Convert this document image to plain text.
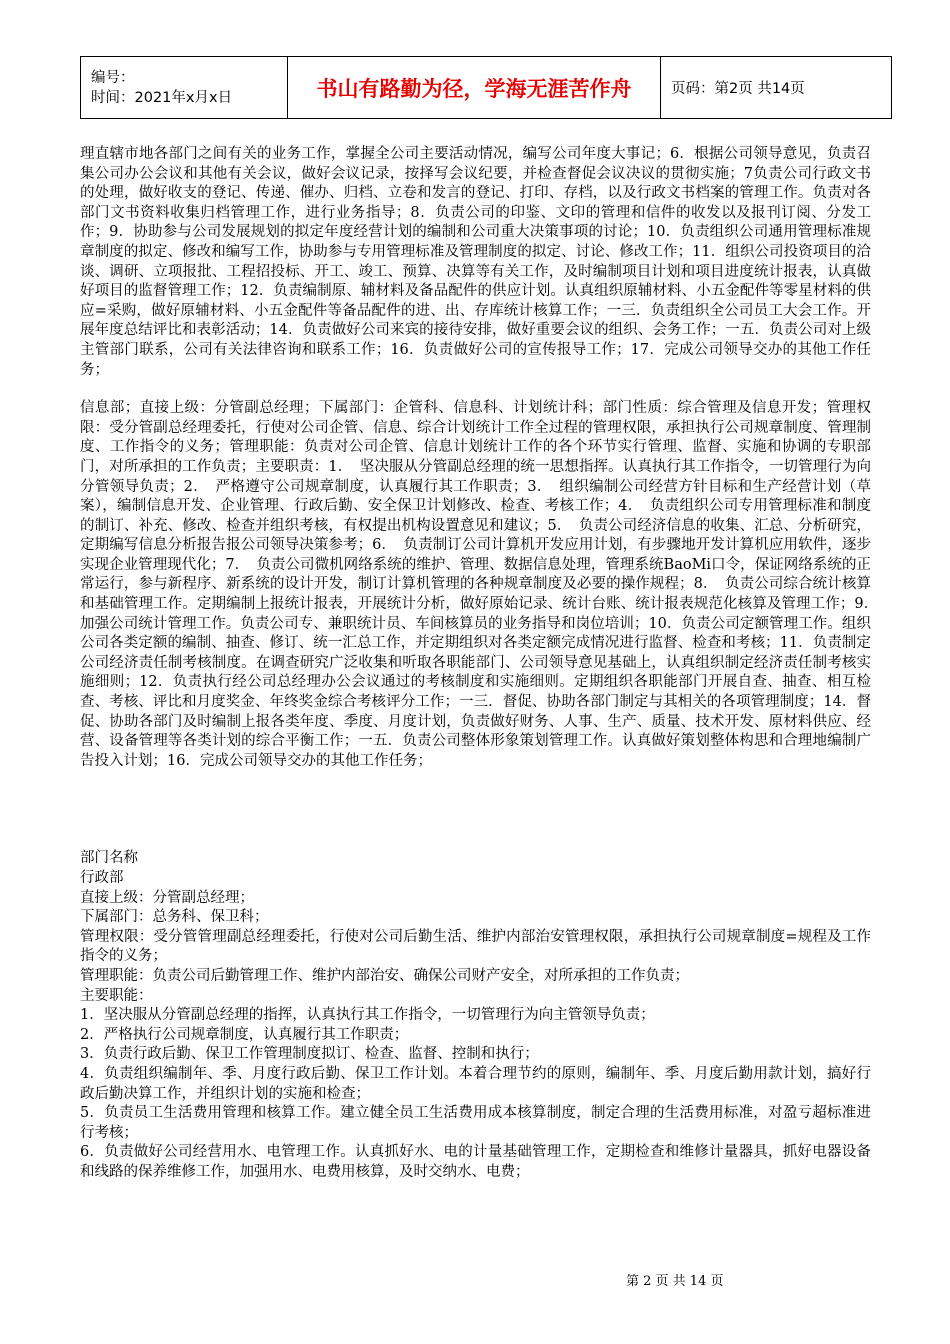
编号：
时间：2021年x月x日	书山有路勤为径，学海无涯苦作舟	页码：第2页 共14页

理直辖市地各部门之间有关的业务工作，掌握全公司主要活动情况，编写公司年度大事记；6．根据公司领导意见，负责召集公司办公会议和其他有关会议，做好会议记录，按择写会议纪要，并检查督促会议决议的贯彻实施；7负责公司行政文书的处理，做好收支的登记、传递、催办、归档、立卷和发言的登记、打印、存档，以及行政文书档案的管理工作。负责对各部门文书资料收集归档管理工作，进行业务指导；8．负责公司的印鉴、文印的管理和信件的收发以及报刊订阅、分发工作；9．协助参与公司发展规划的拟定年度经营计划的编制和公司重大决策事项的讨论；10．负责组织公司通用管理标准规章制度的拟定、修改和编写工作，协助参与专用管理标准及管理制度的拟定、讨论、修改工作；11．组织公司投资项目的洽谈、调研、立项报批、工程招投标、开工、竣工、预算、决算等有关工作，及时编制项目计划和项目进度统计报表，认真做好项目的监督管理工作；12．负责编制原、辅材料及备品配件的供应计划。认真组织原辅材料、小五金配件等零星材料的供应=采购，做好原辅材料、小五金配件等备品配件的进、出、存库统计核算工作；一三．负责组织全公司员工大会工作。开展年度总结评比和表彰活动；14．负责做好公司来宾的接待安排，做好重要会议的组织、会务工作；一五．负责公司对上级主管部门联系，公司有关法律咨询和联系工作；16．负责做好公司的宣传报导工作；17．完成公司领导交办的其他工作任务；

信息部；直接上级：分管副总经理；下属部门：企管科、信息科、计划统计科；部门性质：综合管理及信息开发；管理权限：受分管副总经理委托，行使对公司企管、信息、综合计划统计工作全过程的管理权限，承担执行公司规章制度、管理制度、工作指令的义务；管理职能：负责对公司企管、信息计划统计工作的各个环节实行管理、监督、实施和协调的专职部门，对所承担的工作负责；主要职责：1．　坚决服从分管副总经理的统一思想指挥。认真执行其工作指令，一切管理行为向分管领导负责；2．　严格遵守公司规章制度，认真履行其工作职责；3．　组织编制公司经营方针目标和生产经营计划（草案），编制信息开发、企业管理、行政后勤、安全保卫计划修改、检查、考核工作；4．　负责组织公司专用管理标准和制度的制订、补充、修改、检查并组织考核，有权提出机构设置意见和建议；5．　负责公司经济信息的收集、汇总、分析研究，定期编写信息分析报告报公司领导决策参考；6．　负责制订公司计算机开发应用计划，有步骤地开发计算机应用软件，逐步实现企业管理现代化；7．　负责公司微机网络系统的维护、管理、数据信息处理，管理系统BaoMi口令，保证网络系统的正常运行，参与新程序、新系统的设计开发，制订计算机管理的各种规章制度及必要的操作规程；8．　负责公司综合统计核算和基础管理工作。定期编制上报统计报表，开展统计分析，做好原始记录、统计台账、统计报表规范化核算及管理工作；9．　加强公司统计管理工作。负责公司专、兼职统计员、车间核算员的业务指导和岗位培训；10．负责公司定额管理工作。组织公司各类定额的编制、抽查、修订、统一汇总工作，并定期组织对各类定额完成情况进行监督、检查和考核；11．负责制定公司经济责任制考核制度。在调查研究广泛收集和听取各职能部门、公司领导意见基础上，认真组织制定经济责任制考核实施细则；12．负责执行经公司总经理办公会议通过的考核制度和实施细则。定期组织各职能部门开展自查、抽查、相互检查、考核、评比和月度奖金、年终奖金综合考核评分工作；一三．督促、协助各部门制定与其相关的各项管理制度；14．督促、协助各部门及时编制上报各类年度、季度、月度计划，负责做好财务、人事、生产、质量、技术开发、原材料供应、经营、设备管理等各类计划的综合平衡工作；一五．负责公司整体形象策划管理工作。认真做好策划整体构思和合理地编制广告投入计划；16．完成公司领导交办的其他工作任务；

部门名称

行政部

直接上级：分管副总经理；

下属部门：总务科、保卫科；

管理权限：受分管管理副总经理委托，行使对公司后勤生活、维护内部治安管理权限，承担执行公司规章制度=规程及工作指令的义务；

管理职能：负责公司后勤管理工作、维护内部治安、确保公司财产安全，对所承担的工作负责；

主要职能：

1．坚决服从分管副总经理的指挥，认真执行其工作指令，一切管理行为向主管领导负责；

2．严格执行公司规章制度，认真履行其工作职责；

3．负责行政后勤、保卫工作管理制度拟订、检查、监督、控制和执行；

4．负责组织编制年、季、月度行政后勤、保卫工作计划。本着合理节约的原则，编制年、季、月度后勤用款计划，搞好行政后勤决算工作，并组织计划的实施和检查；

5．负责员工生活费用管理和核算工作。建立健全员工生活费用成本核算制度，制定合理的生活费用标准，对盈亏超标准进行考核；

6．负责做好公司经营用水、电管理工作。认真抓好水、电的计量基础管理工作，定期检查和维修计量器具，抓好电器设备和线路的保养维修工作，加强用水、电费用核算，及时交纳水、电费；

第 2 页 共 14 页
